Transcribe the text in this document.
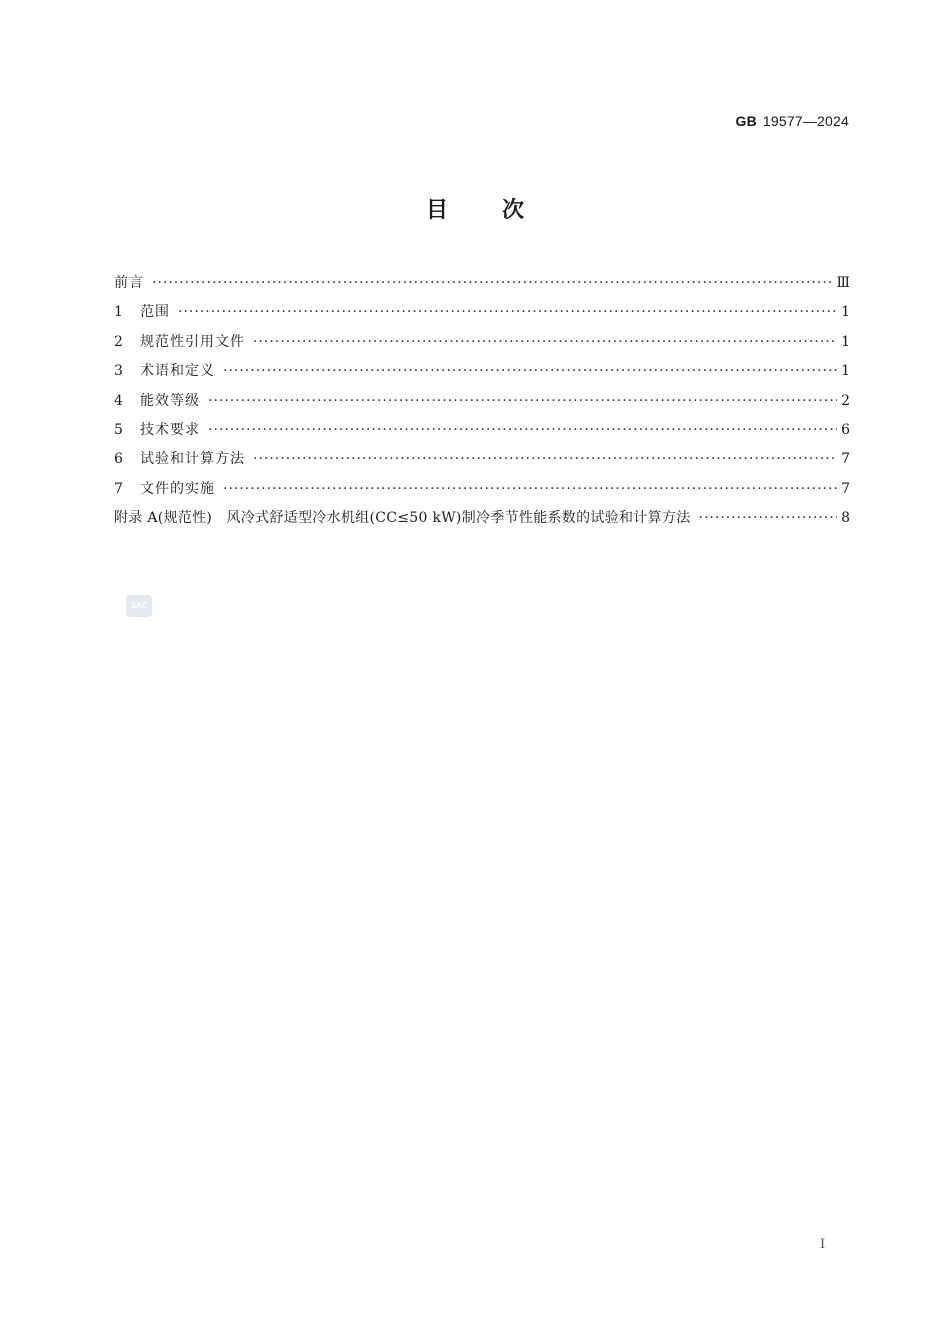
GB 19577—2024
目次
前言 ·····	Ⅲ
1	范围 ·····	1
2	规范性引用文件 ·····	1
3	术语和定义 ·····	1
4	能效等级 ·····	2
5	技术要求 ·····	6
6	试验和计算方法 ·····	7
7	文件的实施 ·····	7
附录 A(规范性)　风冷式舒适型冷水机组(CC≤50 kW)制冷季节性能系数的试验和计算方法 ·····	8
SAC
Ⅰ
